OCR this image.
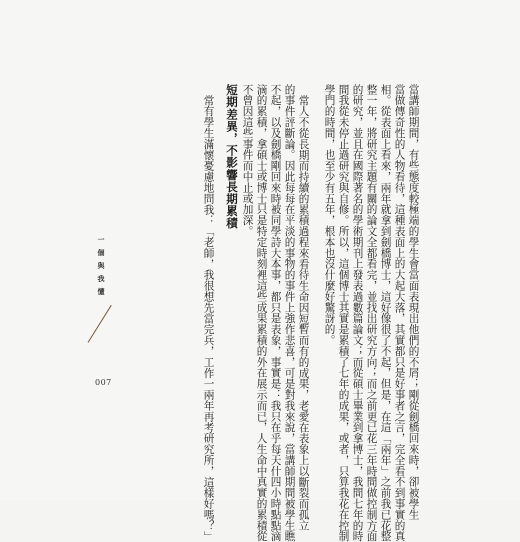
當講師期間，有些態度較極端的學生會當面表現出他們的不屑；剛從劍橋回來時，卻被學生
當做傳奇性的人物看待，這種表面上的大起大落，其實都只是好事者之言，完全看不到事實的真
相。從表面上看來，兩年就拿到劍橋博士，這好像很了不起，但是，在這「兩年」之前我已花整
整一年，將研究主題有關的論文全都看完，並找出研究方向；而之前更已花三年時間做控制方面
的研究，並且在國際著名的學術期刊上發表過數篇論文；而從碩士畢業到拿博士，我間七年的時
間我從未停止過研究與自修。所以，這個博士其實是累積了七年的成果，或者，只算我花在控制
學門的時間，也至少有五年，根本也沒什麼好驚訝的。
常人不從長期而持續的累積過程來看待生命因短暫而有的成果，老愛在表象上以斷裂而孤立
的事件評斷論。因此每每在平淡的事物的事件上強作悲喜，可是對我來說，當講師期間被學生瞧
不起，以及劍橋剛回來時被同學詩大本事，都只是表象，事實是：我只在乎每天什四小時點點滴
滴的累積，拿碩士或博士只是特定時刻裡這些成果累積的外在展示而已，人生命中真實的累積從
不曾因這些事件而中止或加深。
短期差異，不影響長期累積
常有學生滿懷憂慮地問我：「老師，我很想先當完兵，工作一兩年再考研究所，這樣好嗎？」
一個與我懂
007
